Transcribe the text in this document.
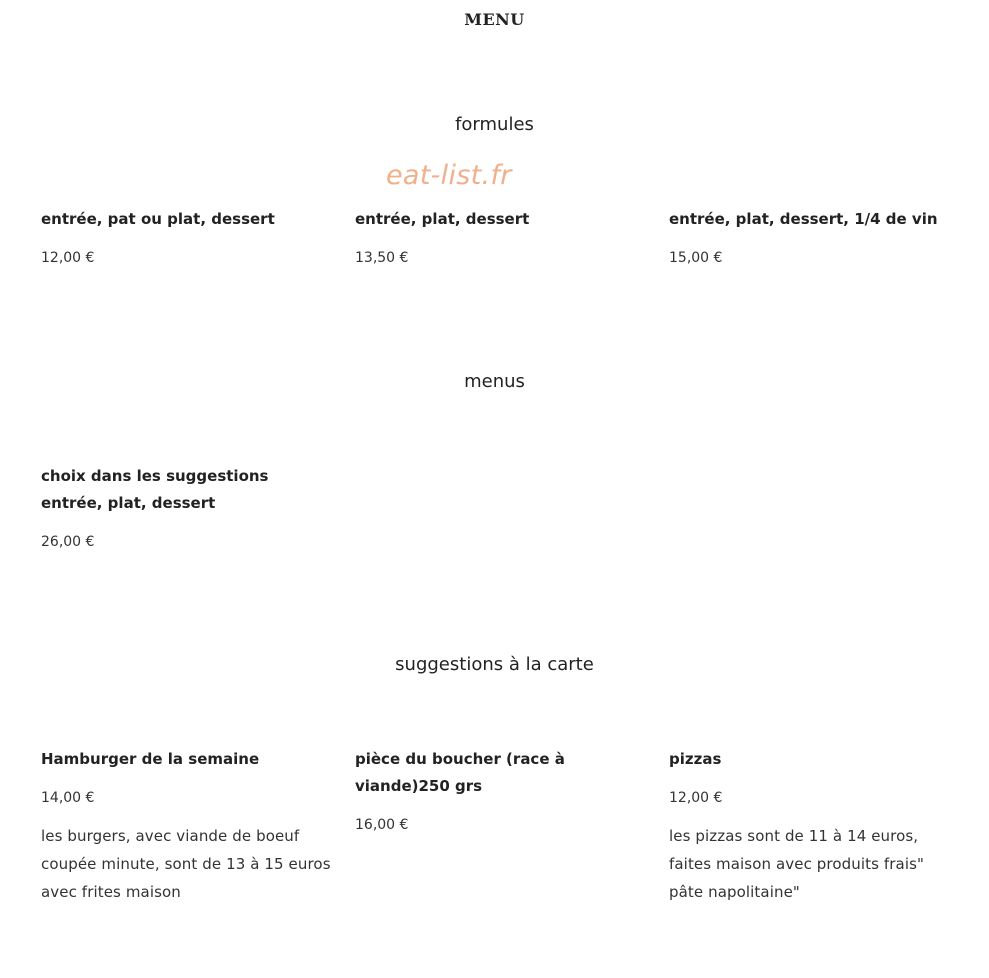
MENU
eat-list.fr
formules
entrée, pat ou plat, dessert
12,00 €
entrée, plat, dessert
13,50 €
entrée, plat, dessert, 1/4 de vin
15,00 €
menus
choix dans les suggestions entrée, plat, dessert
26,00 €
suggestions à la carte
Hamburger de la semaine
14,00 €
les burgers, avec viande de boeuf coupée minute, sont de 13 à 15 euros avec frites maison
pièce du boucher (race à viande)250 grs
16,00 €
pizzas
12,00 €
les pizzas sont de 11 à 14 euros, faites maison avec produits frais" pâte napolitaine"
